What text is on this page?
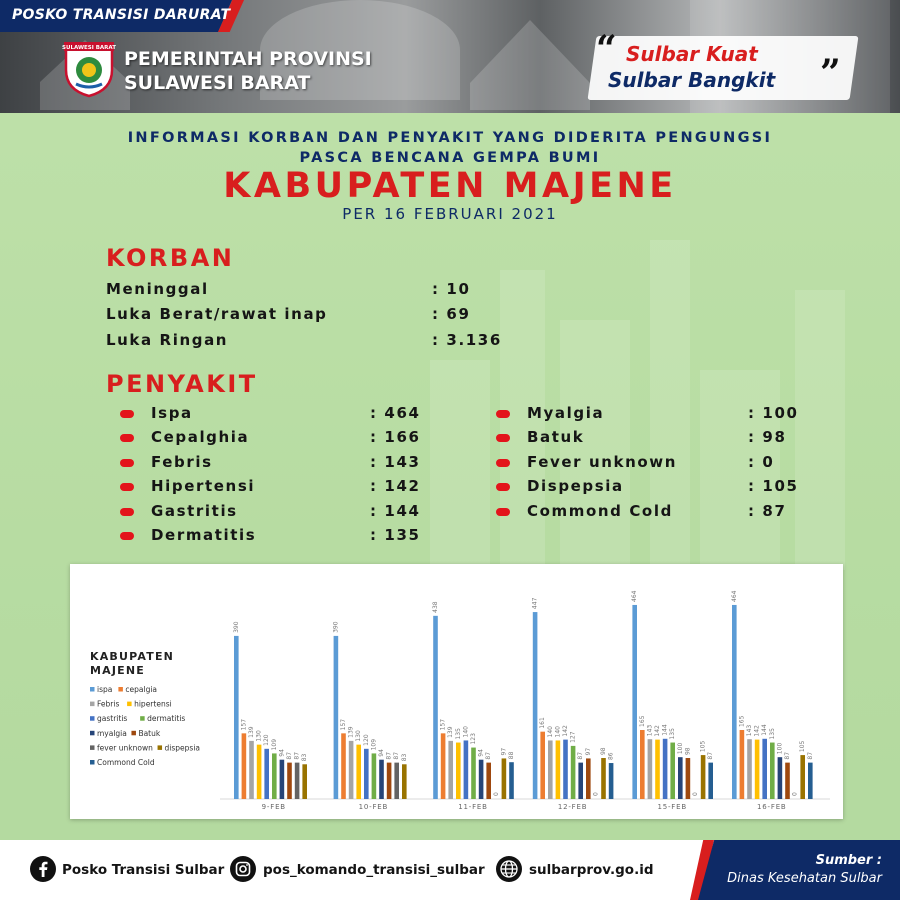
POSKO TRANSISI DARURAT
SULAWESI BARAT PEMERINTAH PROVINSI
SULAWESI BARAT
“ Sulbar Kuat
Sulbar Bangkit ”
INFORMASI KORBAN DAN PENYAKIT YANG DIDERITA PENGUNGSI
PASCA BENCANA GEMPA BUMI
KABUPATEN MAJENE
PER 16 FEBRUARI 2021
KORBAN
Meninggal	: 10
Luka Berat/rawat inap	: 69
Luka Ringan	: 3.136
PENYAKIT
Ispa	: 464
Cepalghia	: 166
Febris	: 143
Hipertensi	: 142
Gastritis	: 144
Dermatitis	: 135
Myalgia	: 100
Batuk	: 98
Fever unknown	: 0
Dispepsia	: 105
Commond Cold	: 87
KABUPATEN
MAJENE
ispa cepalgia
Febris hipertensi
gastritis	dermatitis
myalgia Batuk
fever unknown dispepsia
Commond Cold
390
157
139 130 120 109
94 87 87 83
9-FEB
390
157
139 130 120 109
94 87 87 83
10-FEB
438
157
139 135 140
123
94 87
0
97 88
11-FEB
447
161
140 140 142
127
87
97
0
98
86
12-FEB
464
165
143 142 144 135
100 98
0
105
87
15-FEB
464
165
143 142 144 135
100
87
0
105
87
16-FEB
Posko Transisi Sulbar	pos_komando_transisi_sulbar	sulbarprov.go.id
Sumber :
Dinas Kesehatan Sulbar
